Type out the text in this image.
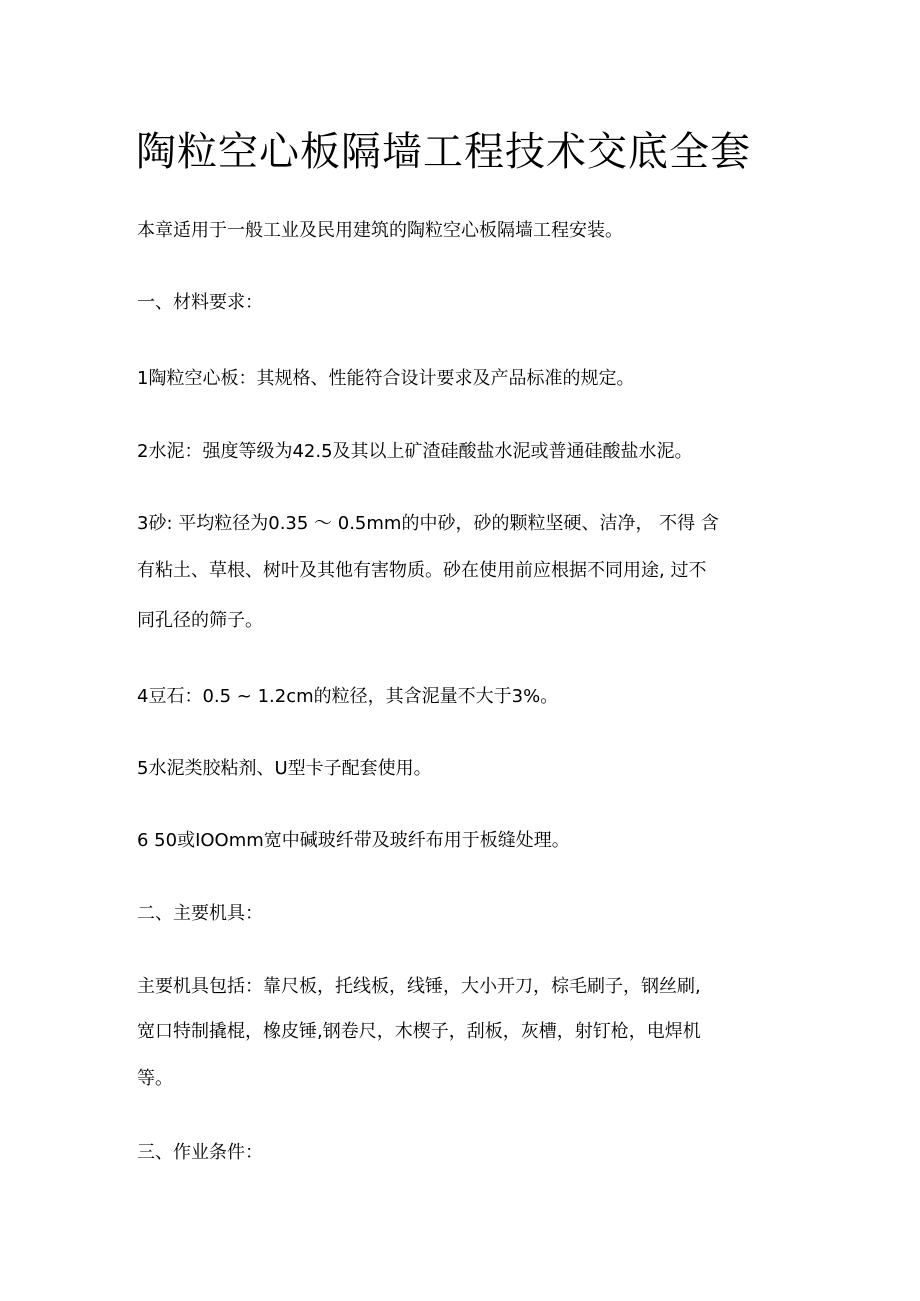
陶粒空心板隔墙工程技术交底全套

本章适用于一般工业及民用建筑的陶粒空心板隔墙工程安装。

一、材料要求：

1陶粒空心板：其规格、性能符合设计要求及产品标准的规定。

2水泥：强度等级为42.5及其以上矿渣硅酸盐水泥或普通硅酸盐水泥。

3砂: 平均粒径为0.35 ～ 0.5mm的中砂，砂的颗粒坚硬、洁净， 不得 含

有粘土、草根、树叶及其他有害物质。砂在使用前应根据不同用途, 过不

同孔径的筛子。

4豆石：0.5 ~ 1.2cm的粒径，其含泥量不大于3%。

5水泥类胶粘剂、U型卡子配套使用。

6 50或IOOmm宽中碱玻纤带及玻纤布用于板缝处理。

二、主要机具：

主要机具包括：靠尺板，托线板，线锤，大小开刀，棕毛刷子，钢丝刷,

宽口特制撬棍，橡皮锤,钢卷尺，木楔子，刮板，灰槽，射钉枪，电焊机

等。

三、作业条件：
